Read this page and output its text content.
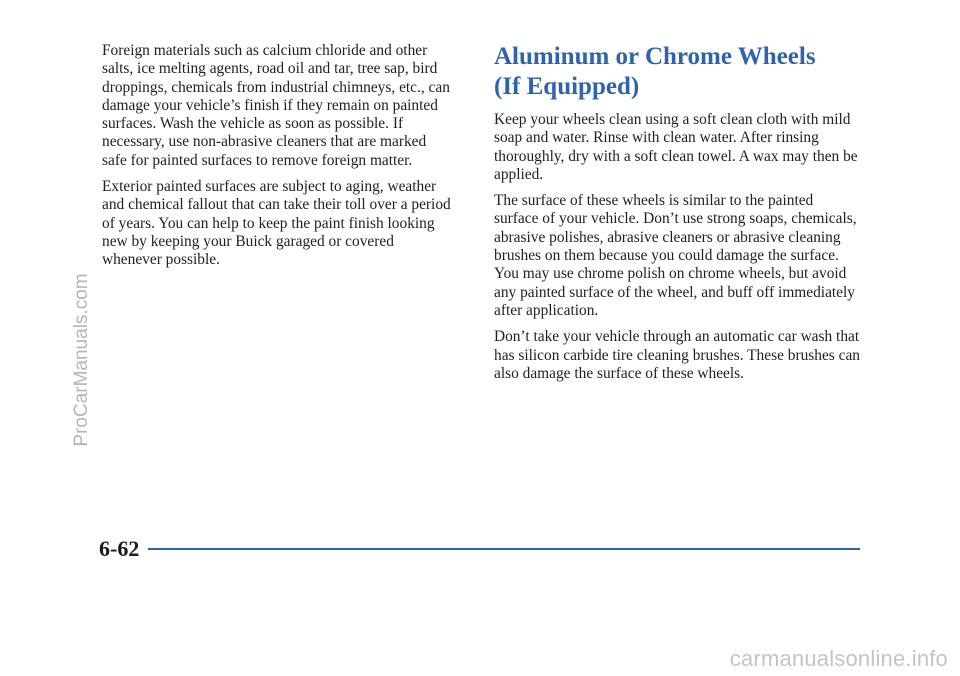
Foreign materials such as calcium chloride and other salts, ice melting agents, road oil and tar, tree sap, bird droppings, chemicals from industrial chimneys, etc., can damage your vehicle’s finish if they remain on painted surfaces. Wash the vehicle as soon as possible. If necessary, use non-abrasive cleaners that are marked safe for painted surfaces to remove foreign matter.

Exterior painted surfaces are subject to aging, weather and chemical fallout that can take their toll over a period of years. You can help to keep the paint finish looking new by keeping your Buick garaged or covered whenever possible.

Aluminum or Chrome Wheels
(If Equipped)

Keep your wheels clean using a soft clean cloth with mild soap and water. Rinse with clean water. After rinsing thoroughly, dry with a soft clean towel. A wax may then be applied.

The surface of these wheels is similar to the painted surface of your vehicle. Don’t use strong soaps, chemicals, abrasive polishes, abrasive cleaners or abrasive cleaning brushes on them because you could damage the surface. You may use chrome polish on chrome wheels, but avoid any painted surface of the wheel, and buff off immediately after application.

Don’t take your vehicle through an automatic car wash that has silicon carbide tire cleaning brushes. These brushes can also damage the surface of these wheels.

6-62
ProCarManuals.com
carmanualsonline.info
